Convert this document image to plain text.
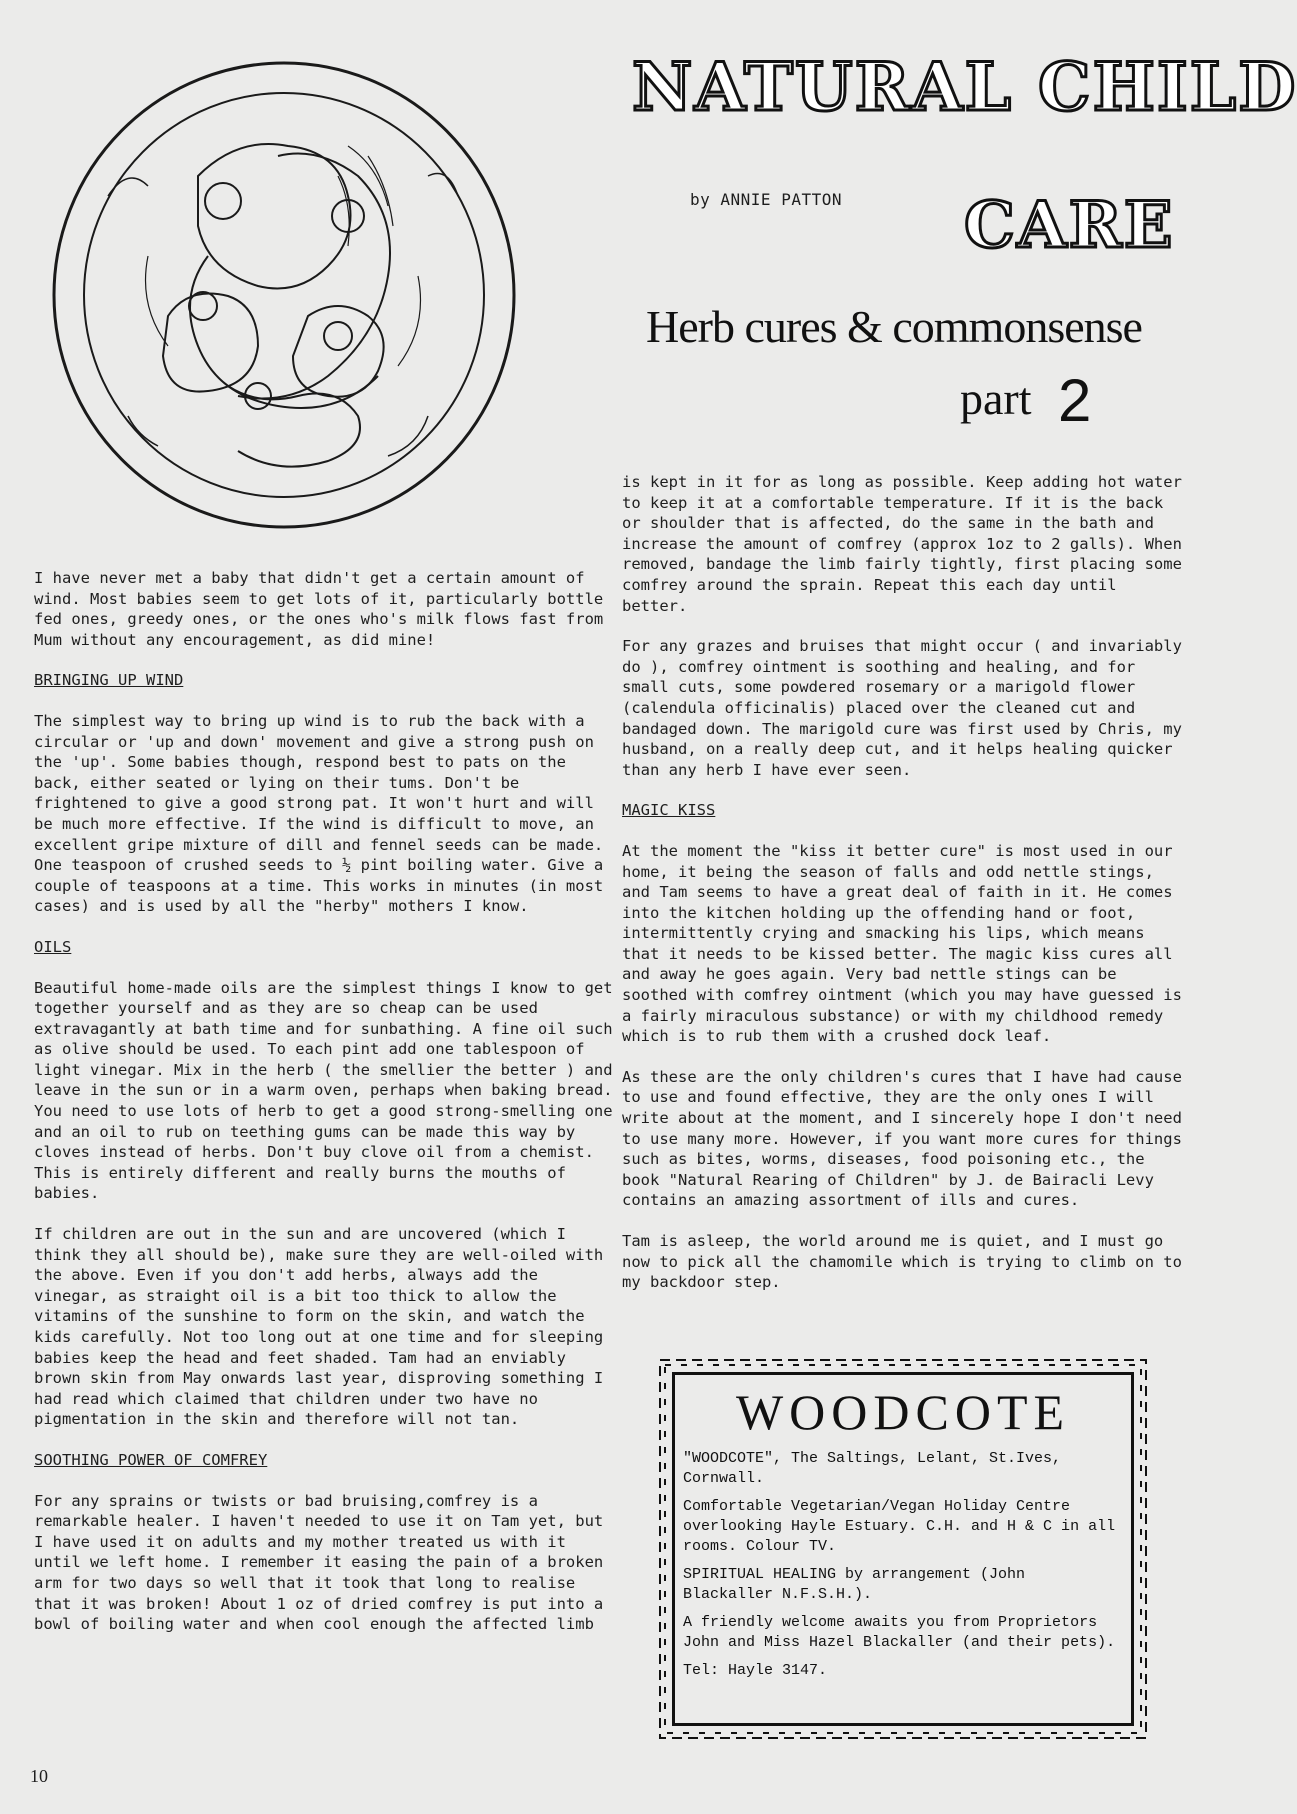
NATURAL CHILD
by ANNIE PATTON CARE
Herb cures & commonsense
part 2

I have never met a baby that didn't get a certain amount of wind. Most babies seem to get lots of it, particularly bottle fed ones, greedy ones, or the ones who's milk flows fast from Mum without any encouragement, as did mine!

BRINGING UP WIND

The simplest way to bring up wind is to rub the back with a circular or 'up and down' movement and give a strong push on the 'up'. Some babies though, respond best to pats on the back, either seated or lying on their tums. Don't be frightened to give a good strong pat. It won't hurt and will be much more effective. If the wind is difficult to move, an excellent gripe mixture of dill and fennel seeds can be made. One teaspoon of crushed seeds to ½ pint boiling water. Give a couple of teaspoons at a time. This works in minutes (in most cases) and is used by all the "herby" mothers I know.

OILS

Beautiful home-made oils are the simplest things I know to get together yourself and as they are so cheap can be used extravagantly at bath time and for sunbathing. A fine oil such as olive should be used. To each pint add one tablespoon of light vinegar. Mix in the herb ( the smellier the better ) and leave in the sun or in a warm oven, perhaps when baking bread. You need to use lots of herb to get a good strong-smelling one and an oil to rub on teething gums can be made this way by cloves instead of herbs. Don't buy clove oil from a chemist. This is entirely different and really burns the mouths of babies.

If children are out in the sun and are uncovered (which I think they all should be), make sure they are well-oiled with the above. Even if you don't add herbs, always add the vinegar, as straight oil is a bit too thick to allow the vitamins of the sunshine to form on the skin, and watch the kids carefully. Not too long out at one time and for sleeping babies keep the head and feet shaded. Tam had an enviably brown skin from May onwards last year, disproving something I had read which claimed that children under two have no pigmentation in the skin and therefore will not tan.

SOOTHING POWER OF COMFREY

For any sprains or twists or bad bruising,comfrey is a remarkable healer. I haven't needed to use it on Tam yet, but I have used it on adults and my mother treated us with it until we left home. I remember it easing the pain of a broken arm for two days so well that it took that long to realise that it was broken! About 1 oz of dried comfrey is put into a bowl of boiling water and when cool enough the affected limb

is kept in it for as long as possible. Keep adding hot water to keep it at a comfortable temperature. If it is the back or shoulder that is affected, do the same in the bath and increase the amount of comfrey (approx 1oz to 2 galls). When removed, bandage the limb fairly tightly, first placing some comfrey around the sprain. Repeat this each day until better.

For any grazes and bruises that might occur ( and invariably do ), comfrey ointment is soothing and healing, and for small cuts, some powdered rosemary or a marigold flower (calendula officinalis) placed over the cleaned cut and bandaged down. The marigold cure was first used by Chris, my husband, on a really deep cut, and it helps healing quicker than any herb I have ever seen.

MAGIC KISS

At the moment the "kiss it better cure" is most used in our home, it being the season of falls and odd nettle stings, and Tam seems to have a great deal of faith in it. He comes into the kitchen holding up the offending hand or foot, intermittently crying and smacking his lips, which means that it needs to be kissed better. The magic kiss cures all and away he goes again. Very bad nettle stings can be soothed with comfrey ointment (which you may have guessed is a fairly miraculous substance) or with my childhood remedy which is to rub them with a crushed dock leaf.

As these are the only children's cures that I have had cause to use and found effective, they are the only ones I will write about at the moment, and I sincerely hope I don't need to use many more. However, if you want more cures for things such as bites, worms, diseases, food poisoning etc., the book "Natural Rearing of Children" by J. de Bairacli Levy contains an amazing assortment of ills and cures.

Tam is asleep, the world around me is quiet, and I must go now to pick all the chamomile which is trying to climb on to my backdoor step.

WOODCOTE

"WOODCOTE", The Saltings, Lelant, St.Ives, Cornwall.

Comfortable Vegetarian/Vegan Holiday Centre overlooking Hayle Estuary. C.H. and H & C in all rooms. Colour TV.

SPIRITUAL HEALING by arrangement (John Blackaller N.F.S.H.).

A friendly welcome awaits you from Proprietors John and Miss Hazel Blackaller (and their pets).

Tel: Hayle 3147.

10
